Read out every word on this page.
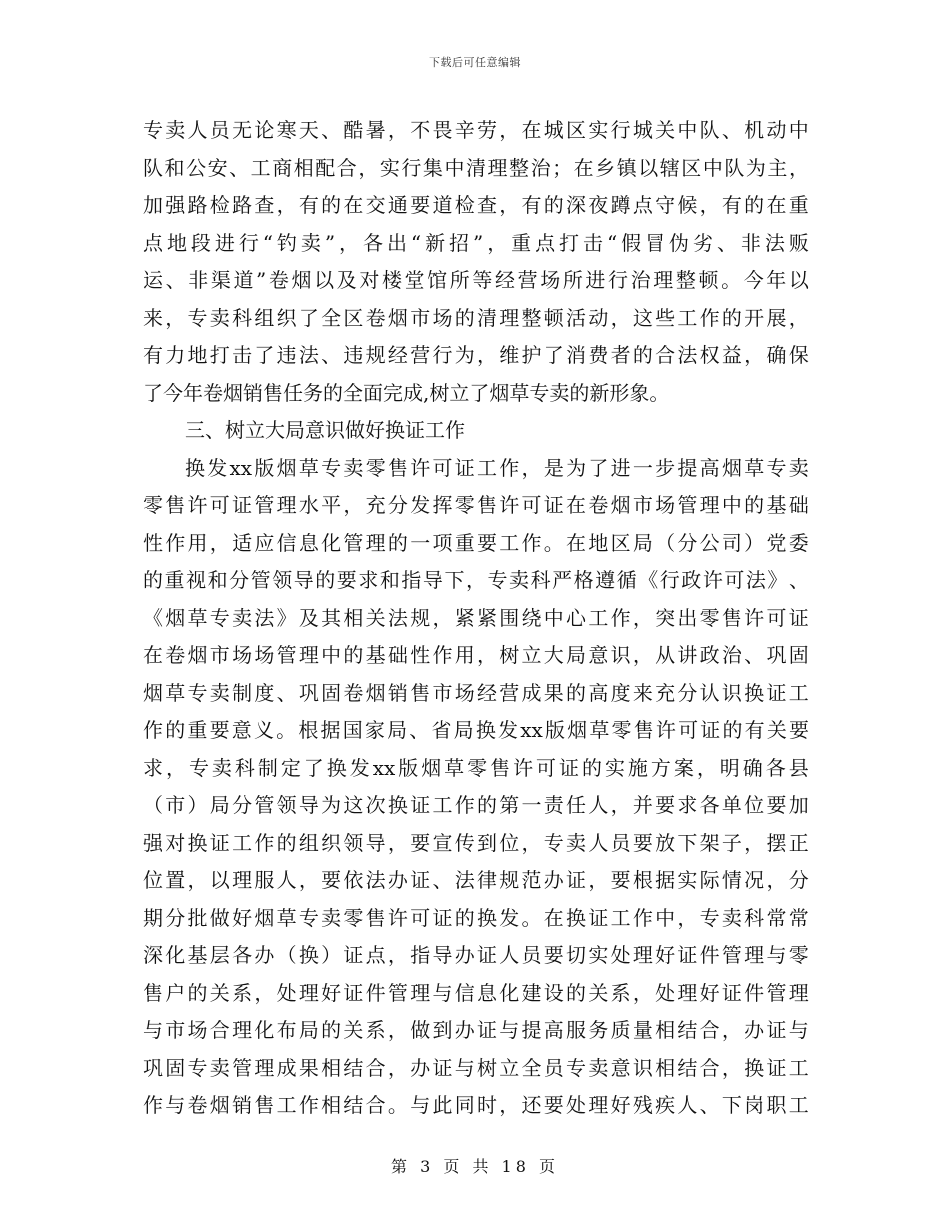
下载后可任意编辑
专 卖 人 员 无 论 寒 天 、 酷 暑 ， 不 畏 辛 劳 ， 在 城 区 实 行 城 关 中 队 、 机 动 中
队 和 公 安 、 工 商 相 配 合 ， 实 行 集 中 清 理 整 治 ； 在 乡 镇 以 辖 区 中 队 为 主 ，
加 强 路 检 路 查 ， 有 的 在 交 通 要 道 检 查 ， 有 的 深 夜 蹲 点 守 候 ， 有 的 在 重
点 地 段 进 行 “ 钓 卖 ” ， 各 出 “ 新 招 ” ， 重 点 打 击 “ 假 冒 伪 劣 、 非 法 贩
运 、 非 渠 道 ” 卷 烟 以 及 对 楼 堂 馆 所 等 经 营 场 所 进 行 治 理 整 顿 。 今 年 以
来 ， 专 卖 科 组 织 了 全 区 卷 烟 市 场 的 清 理 整 顿 活 动 ， 这 些 工 作 的 开 展 ，
有 力 地 打 击 了 违 法 、 违 规 经 营 行 为 ， 维 护 了 消 费 者 的 合 法 权 益 ， 确 保
了今年卷烟销售任务的全面完成,树立了烟草专卖的新形象。
三、树立大局意识做好换证工作
换 发 xx 版 烟 草 专 卖 零 售 许 可 证 工 作 ， 是 为 了 进 一 步 提 高 烟 草 专 卖
零 售 许 可 证 管 理 水 平 ， 充 分 发 挥 零 售 许 可 证 在 卷 烟 市 场 管 理 中 的 基 础
性 作 用 ， 适 应 信 息 化 管 理 的 一 项 重 要 工 作 。 在 地 区 局 （ 分 公 司 ） 党 委
的 重 视 和 分 管 领 导 的 要 求 和 指 导 下 ， 专 卖 科 严 格 遵 循 《 行 政 许 可 法 》 、
《 烟 草 专 卖 法 》 及 其 相 关 法 规 ， 紧 紧 围 绕 中 心 工 作 ， 突 出 零 售 许 可 证
在 卷 烟 市 场 场 管 理 中 的 基 础 性 作 用 ， 树 立 大 局 意 识 ， 从 讲 政 治 、 巩 固
烟 草 专 卖 制 度 、 巩 固 卷 烟 销 售 市 场 经 营 成 果 的 高 度 来 充 分 认 识 换 证 工
作 的 重 要 意 义 。 根 据 国 家 局 、 省 局 换 发 xx 版 烟 草 零 售 许 可 证 的 有 关 要
求 ， 专 卖 科 制 定 了 换 发 xx 版 烟 草 零 售 许 可 证 的 实 施 方 案 ， 明 确 各 县
（ 市 ） 局 分 管 领 导 为 这 次 换 证 工 作 的 第 一 责 任 人 ， 并 要 求 各 单 位 要 加
强 对 换 证 工 作 的 组 织 领 导 ， 要 宣 传 到 位 ， 专 卖 人 员 要 放 下 架 子 ， 摆 正
位 置 ， 以 理 服 人 ， 要 依 法 办 证 、 法 律 规 范 办 证 ， 要 根 据 实 际 情 况 ， 分
期 分 批 做 好 烟 草 专 卖 零 售 许 可 证 的 换 发 。 在 换 证 工 作 中 ， 专 卖 科 常 常
深 化 基 层 各 办 （ 换 ） 证 点 ， 指 导 办 证 人 员 要 切 实 处 理 好 证 件 管 理 与 零
售 户 的 关 系 ， 处 理 好 证 件 管 理 与 信 息 化 建 设 的 关 系 ， 处 理 好 证 件 管 理
与 市 场 合 理 化 布 局 的 关 系 ， 做 到 办 证 与 提 高 服 务 质 量 相 结 合 ， 办 证 与
巩 固 专 卖 管 理 成 果 相 结 合 ， 办 证 与 树 立 全 员 专 卖 意 识 相 结 合 ， 换 证 工
作 与 卷 烟 销 售 工 作 相 结 合 。 与 此 同 时 ， 还 要 处 理 好 残 疾 人 、 下 岗 职 工
第 3 页 共 18 页
